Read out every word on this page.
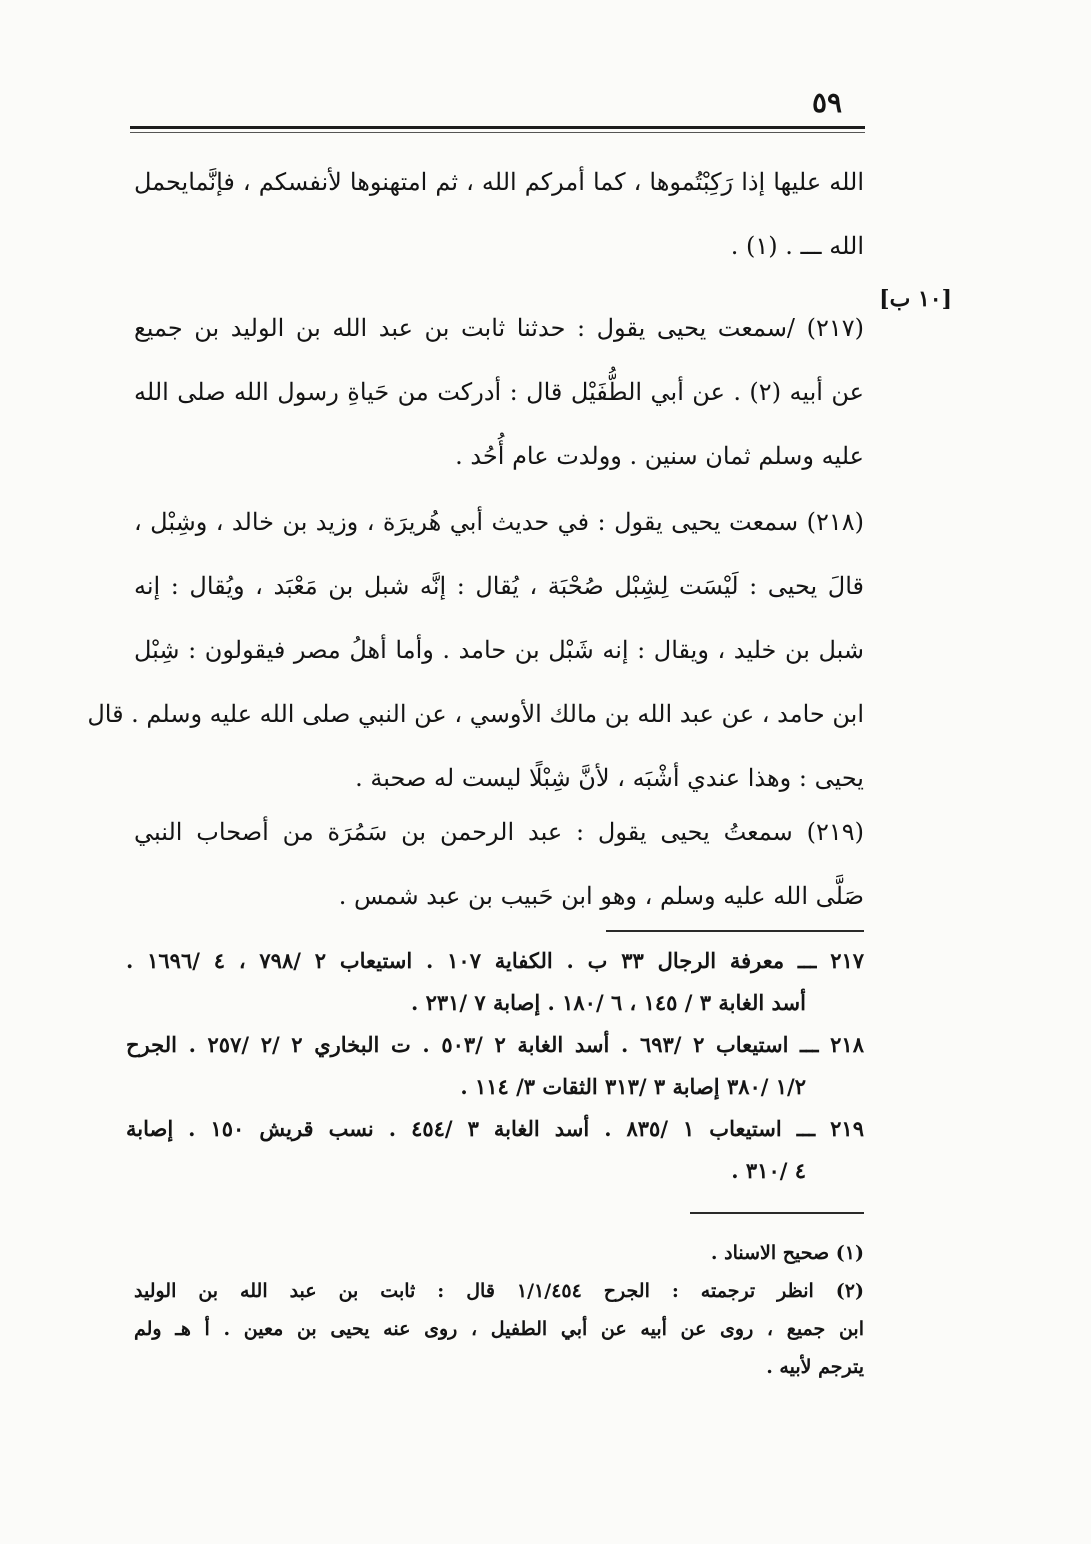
٥٩
[١٠ ب]
الله عليها إذا رَكِبْتُموها ، كما أمركم الله ، ثم امتهنوها لأنفسكم ، فإنَّمايحمل
الله ـــ . (١) .
(٢١٧) /سمعت يحيى يقول : حدثنا ثابت بن عبد الله بن الوليد بن جميع
عن أبيه (٢) . عن أبي الطُّفَيْل قال : أدركت من حَياةِ رسول الله صلى الله
عليه وسلم ثمان سنين . وولدت عام أُحُد .
(٢١٨) سمعت يحيى يقول : في حديث أبي هُريرَة ، وزيد بن خالد ، وشِبْل ،
قالَ يحيى : لَيْسَت لِشِبْل صُحْبَة ، يُقال : إنَّه شبل بن مَعْبَد ، ويُقال : إنه
شبل بن خليد ، ويقال : إنه شَبْل بن حامد . وأما أهلُ مصر فيقولون : شِبْل
ابن حامد ، عن عبد الله بن مالك الأوسي ، عن النبي صلى الله عليه وسلم . قال
يحيى : وهذا عندي أشْبَه ، لأنَّ شِبْلًا ليست له صحبة .
(٢١٩) سمعتُ يحيى يقول : عبد الرحمن بن سَمُرَة من أصحاب النبي
صَلَّى الله عليه وسلم ، وهو ابن حَبيب بن عبد شمس .
٢١٧ ـــ معرفة الرجال ٣٣ ب . الكفاية ١٠٧ . استيعاب ٢ /٧٩٨ ، ٤ /١٦٩٦ .
أسد الغابة ٣ / ١٤٥ ، ٦ /١٨٠ . إصابة ٧ /٢٣١ .
٢١٨ ـــ استيعاب ٢ /٦٩٣ . أسد الغابة ٢ /٥٠٣ . ت البخاري ٢ /٢ /٢٥٧ . الجرح
١/٢ /٣٨٠ إصابة ٣ /٣١٣ الثقات ٣/ ١١٤ .
٢١٩ ـــ استيعاب ١ /٨٣٥ . أسد الغابة ٣ /٤٥٤ . نسب قريش ١٥٠ . إصابة
٤ /٣١٠ .
(١) صحيح الاسناد .
(٢) انظر ترجمته : الجرح ١/١/٤٥٤ قال : ثابت بن عبد الله بن الوليد
ابن جميع ، روى عن أبيه عن أبي الطفيل ، روى عنه يحيى بن معين . أ هـ ولم
يترجم لأبيه .
